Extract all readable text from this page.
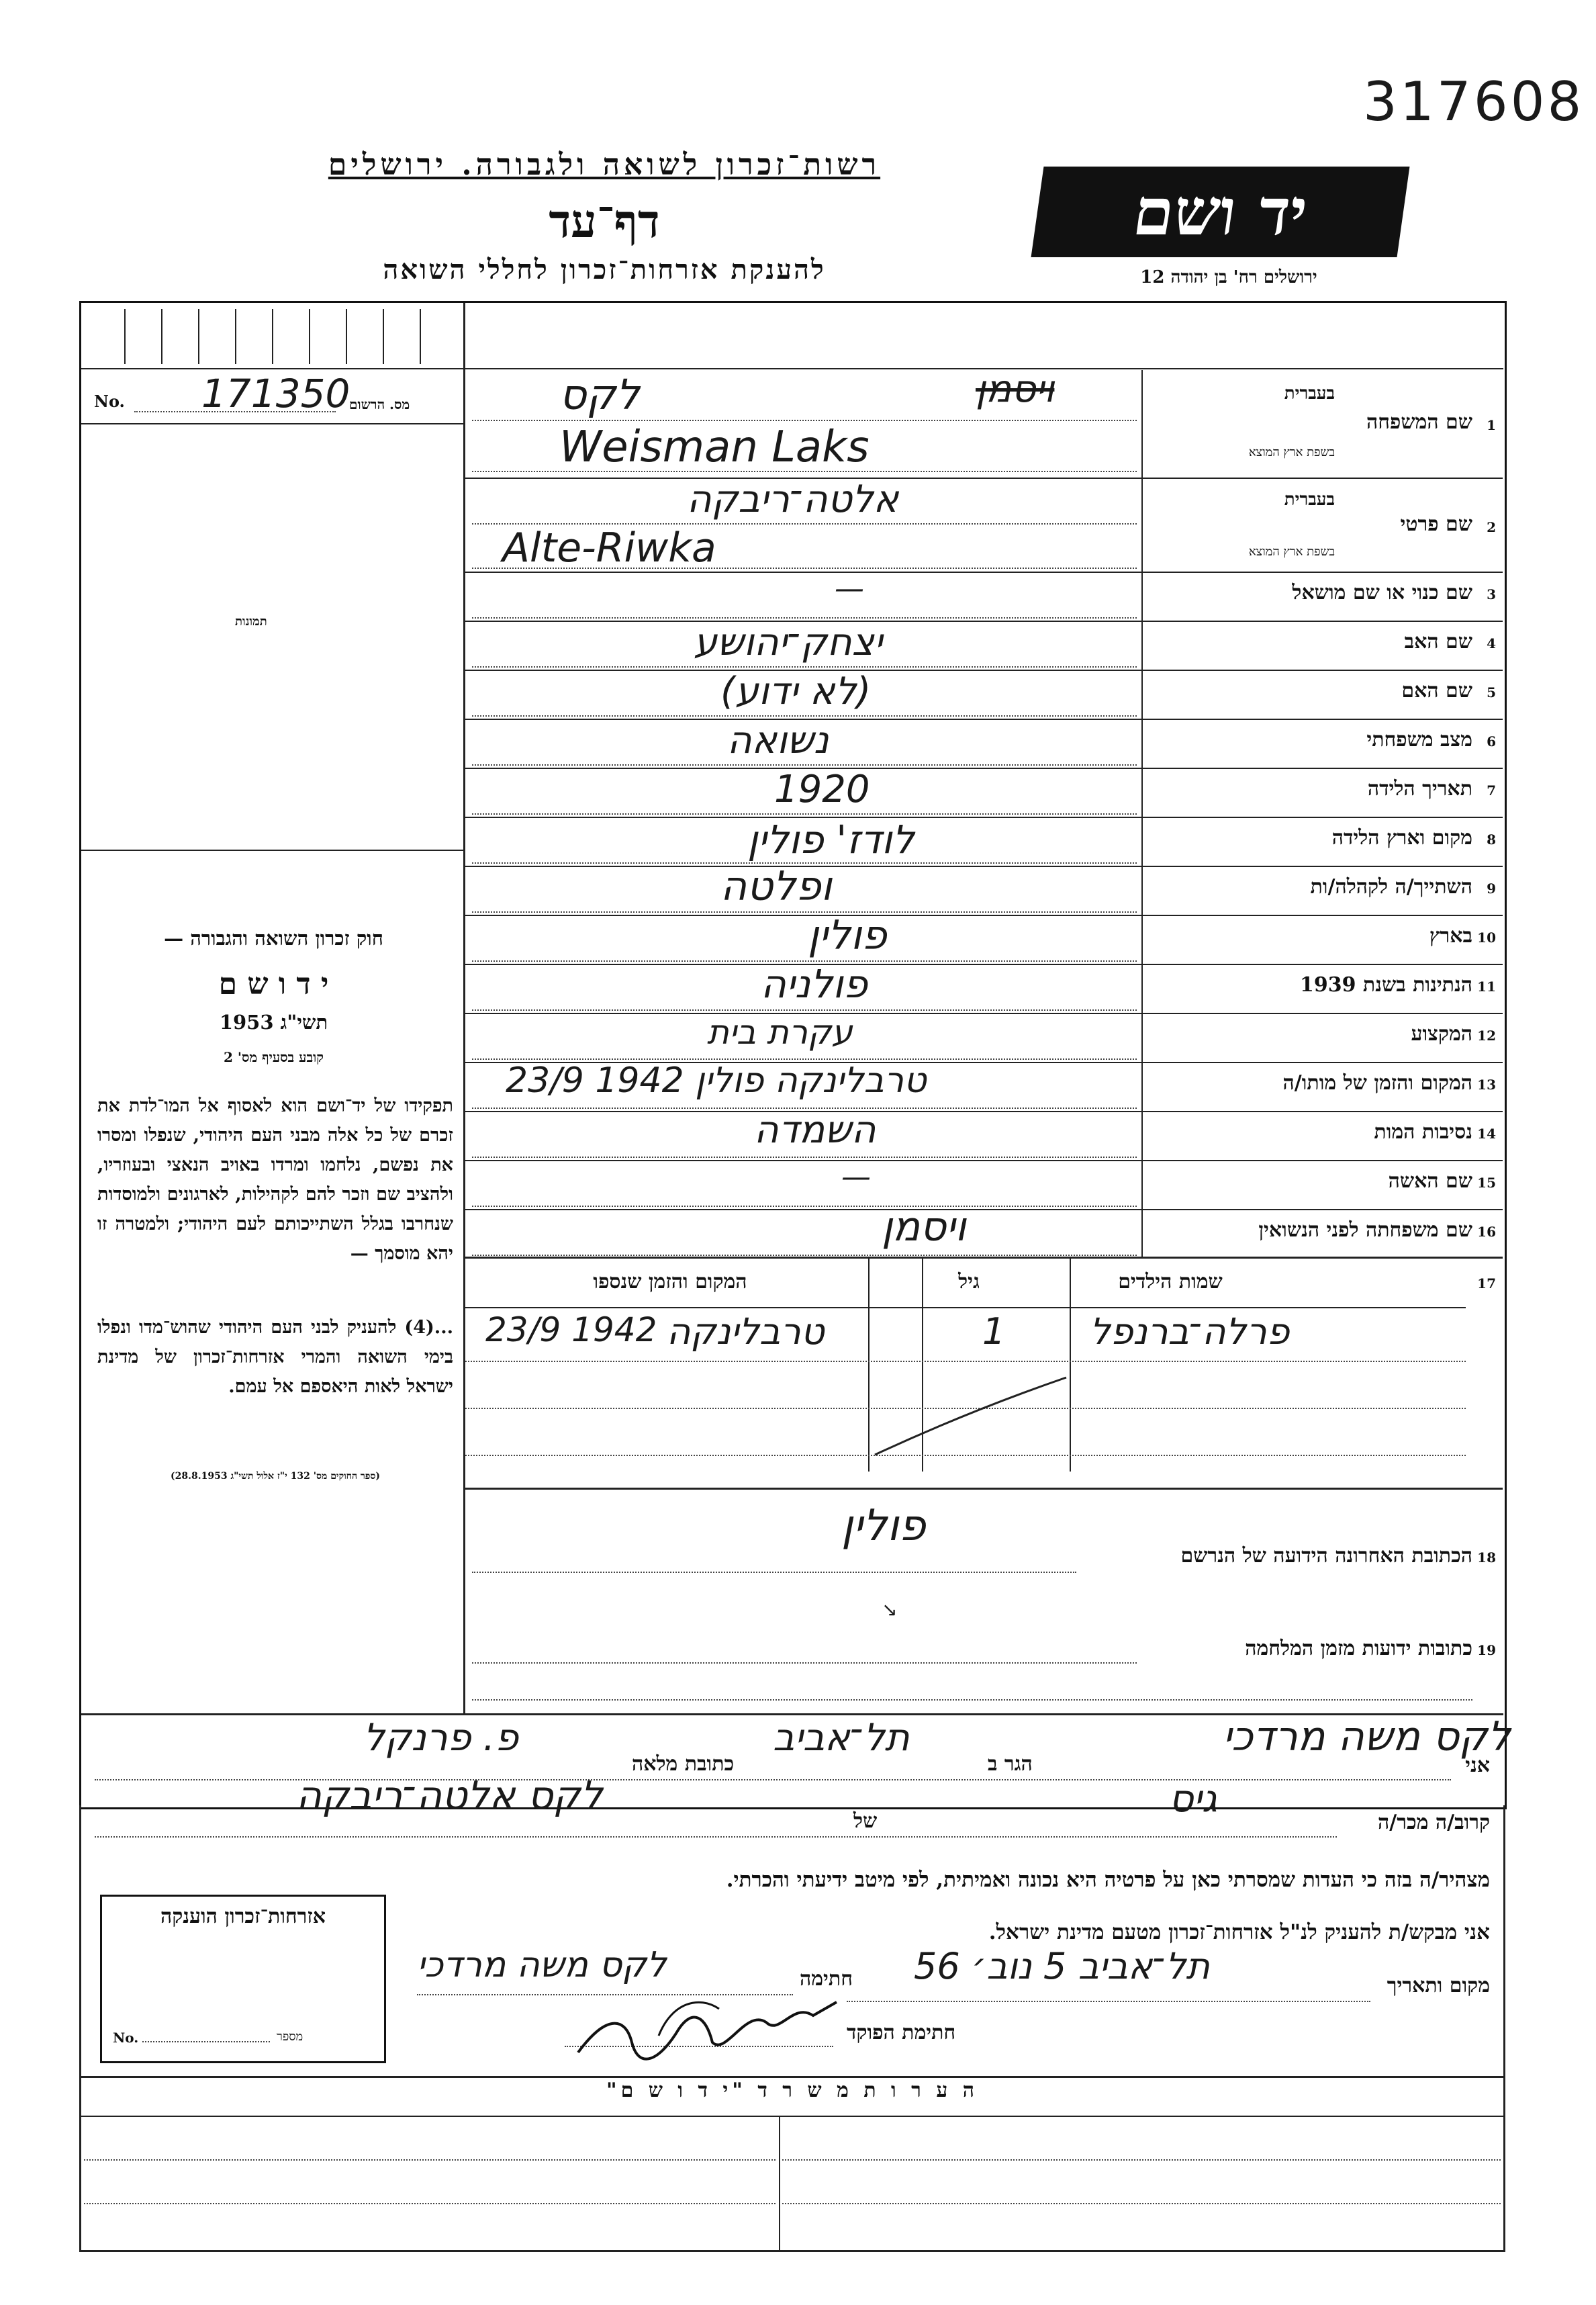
317608
רשות־זכרון לשואה ולגבורה. ירושלים
דף־עד
להענקת אזרחות־זכרון לחללי השואה
יד ושם
ירושלים רח' בן יהודה 12
No. 171350
מס. הרשום
תמונות
חוק זכרון השואה והגבורה —
י ד ו ש ם
תשי"ג 1953
קובע בסעיף מס' 2
תפקידו של יד־ושם הוא לאסוף אל המו־לדת את זכרם של כל אלה מבני העם היהודי, שנפלו ומסרו את נפשם, נלחמו ומרדו באויב הנאצי ובעוזריו, ולהציב שם וזכר להם לקהילות, לארגונים ולמוסדות שנחרבו בגלל השתייכותם לעם היהודי; ולמטרה זו יהא מוסמך —
...(4) להעניק לבני העם היהודי שהוש־מדו ונפלו בימי השואה והמרי אזרחות־זכרון של מדינת ישראל לאות היאספם אל עמם.
(ספר החוקים מס' 132 י"ז אלול תשי"ג 28.8.1953)
1
שם המשפחה
בעברית
בשפת ארץ המוצא
לקס	ויסמן
Weisman Laks
2
שם פרטי
בעברית
בשפת ארץ המוצא
אלטה־ריבקה
Alte-Riwka
3
שם כנוי או שם מושאל
—
4
שם האב
יצחק־יהושע
5
שם האם
(לא ידוע)
6
מצב משפחתי
נשואה
7
תאריך הלידה
1920
8
מקום וארץ הלידה
לודז' פולין
9
השתייך/ה לקהלה/ות
ופלטה
10
בארץ
פולין
11
הנתינות בשנת 1939
פולניה
12
המקצוע
עקרת בית
13
המקום והזמן של מותו/ה
טרבלינקה פולין 1942 23/9
14
נסיבות המות
השמדה
15
שם האשה
—
16
שם משפחתה לפני הנשואין
ויסמן
17
שמות הילדים
גיל
המקום והזמן שנספו
פרלה־ברנפל
1
טרבלינקה
23/9 1942
18
הכתובת האחרונה הידועה של הנרשם
פולין
19
כתובות ידועות מזמן המלחמה
↘
אני
לקס משה מרדכי
הגר ב
תל־אביב
כתובת מלאה
פ. פרנקל
קרוב/ה מכר/ה
גיס
של
לקס אלטה־ריבקה
מצהיר/ה בזה כי העדות שמסרתי כאן על פרטיה היא נכונה ואמיתית, לפי מיטב ידיעתי והכרתי.
אני מבקש/ת להעניק לנ"ל אזרחות־זכרון מטעם מדינת ישראל.
מקום ותאריך
תל־אביב 5 נוב׳ 56
חתימה
לקס משה מרדכי
חתימת הפוקד
אזרחות־זכרון הוענקה
No.	מספר
ה ע ר ו ת מ ש ר ד "י ד ו ש ם"
